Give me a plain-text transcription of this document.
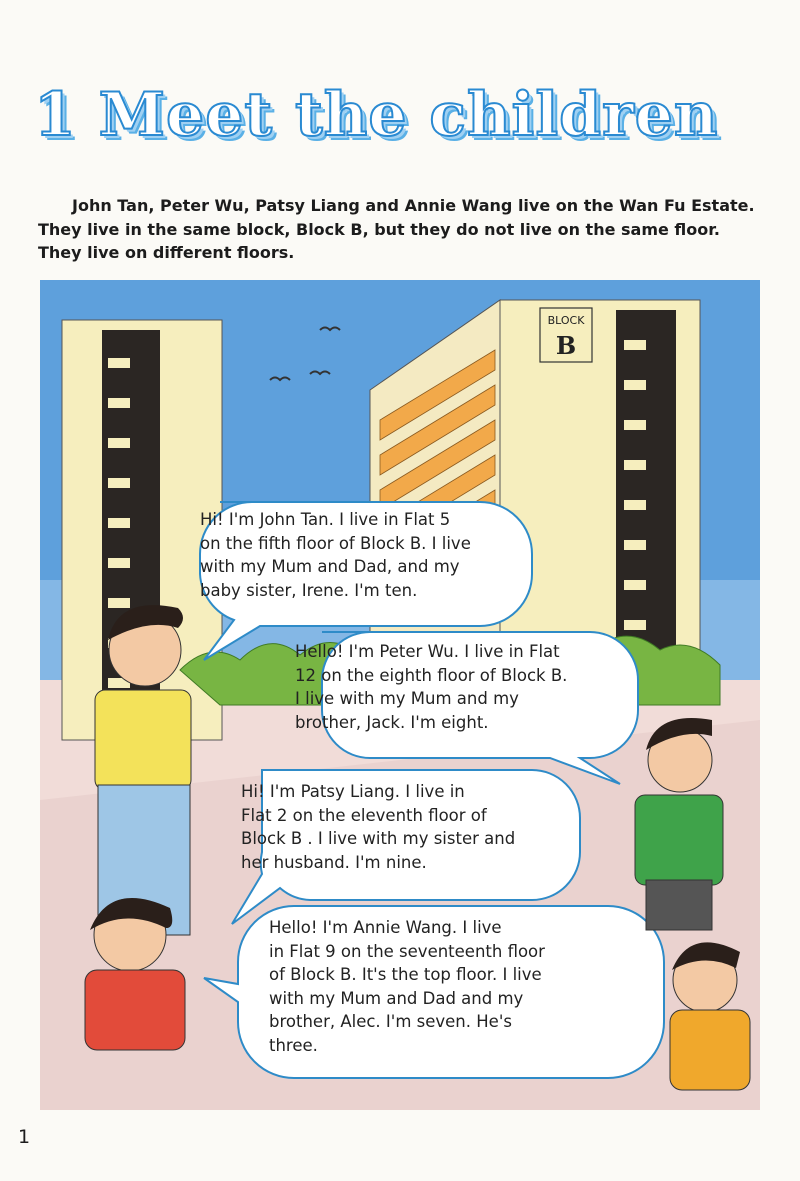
1 Meet the children

John Tan, Peter Wu, Patsy Liang and Annie Wang live on the Wan Fu Estate. They live in the same block, Block B, but they do not live on the same floor. They live on different floors.

BLOCK
B
Hi! I'm John Tan. I live in Flat 5
on the fifth floor of Block B. I live
with my Mum and Dad, and my
baby sister, Irene. I'm ten.
Hello! I'm Peter Wu. I live in Flat
12 on the eighth floor of Block B.
I live with my Mum and my
brother, Jack. I'm eight.
Hi! I'm Patsy Liang. I live in
Flat 2 on the eleventh floor of
Block B . I live with my sister and
her husband. I'm nine.
Hello! I'm Annie Wang. I live
in Flat 9 on the seventeenth floor
of Block B. It's the top floor. I live
with my Mum and Dad and my
brother, Alec. I'm seven. He's
three.
1
